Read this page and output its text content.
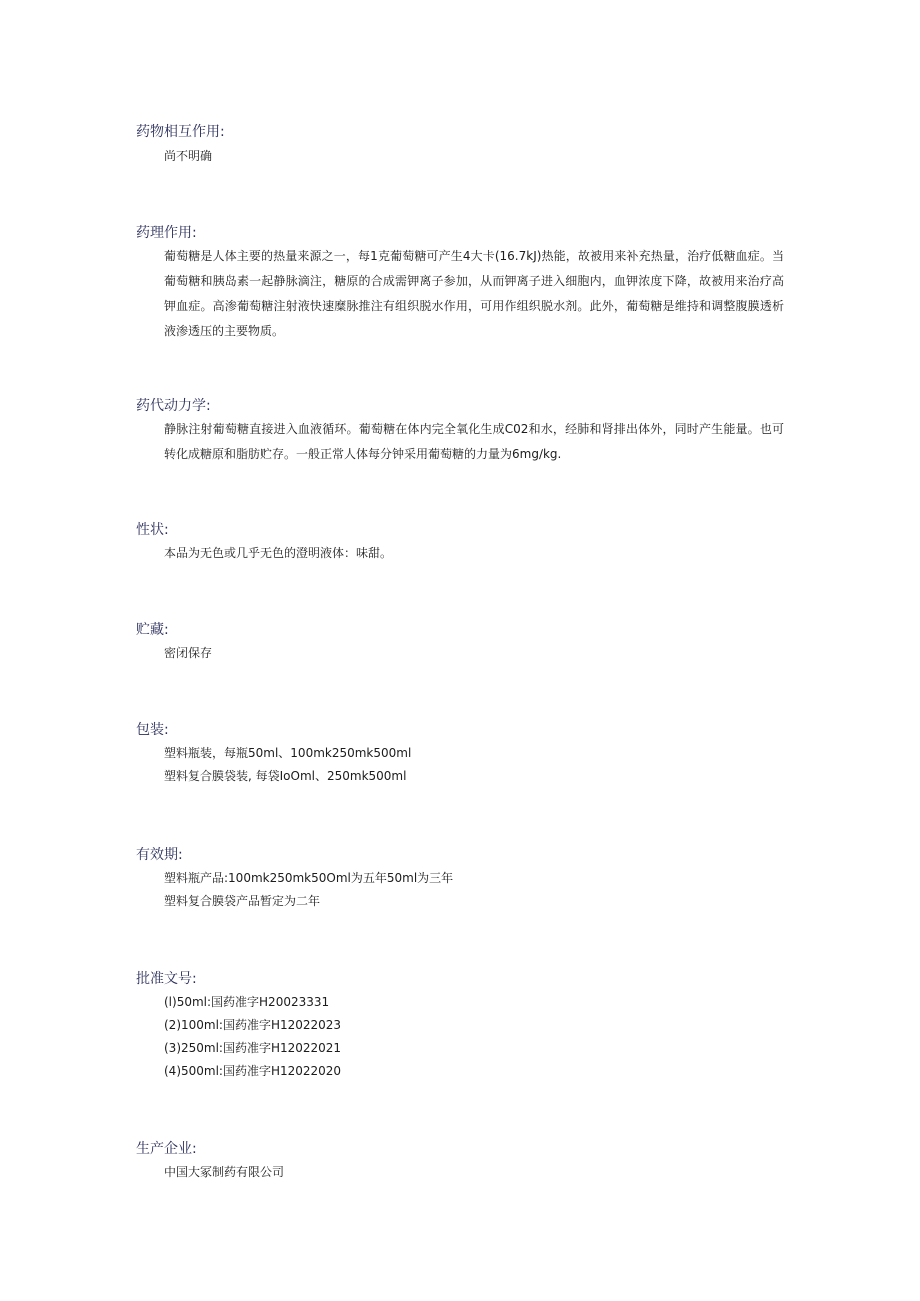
药物相互作用:

尚不明确

药理作用:

葡萄糖是人体主要的热量来源之一，每1克葡萄糖可产生4大卡(16.7kJ)热能，故被用来补充热量，治疗低糖血症。当葡萄糖和胰岛素一起静脉滴注，糖原的合成需钾离子参加，从而钾离子进入细胞内，血钾浓度下降，故被用来治疗高钾血症。高渗葡萄糖注射液快速糜脉推注有组织脱水作用，可用作组织脱水剂。此外，葡萄糖是维持和调整腹膜透析液渗透压的主要物质。

药代动力学:

静脉注射葡萄糖直接进入血液循环。葡萄糖在体内完全氧化生成C02和水，经肺和肾排出体外，同时产生能量。也可转化成糖原和脂肪贮存。一般正常人体每分钟采用葡萄糖的力量为6mg∕kg.

性状:

本品为无色或几乎无色的澄明液体：味甜。

贮藏:

密闭保存

包装:

塑料瓶装，每瓶50ml、100mk250mk500ml

塑料复合膜袋装, 每袋IoOml、250mk500ml

有效期:

塑料瓶产品:100mk250mk50Oml为五年50ml为三年

塑料复合膜袋产品暂定为二年

批准文号:

(l)50ml:国药准字H20023331

(2)100ml:国药准字H12022023

(3)250ml:国药准字H12022021

(4)500ml:国药准字H12022020

生产企业:

中国大冢制药有限公司
